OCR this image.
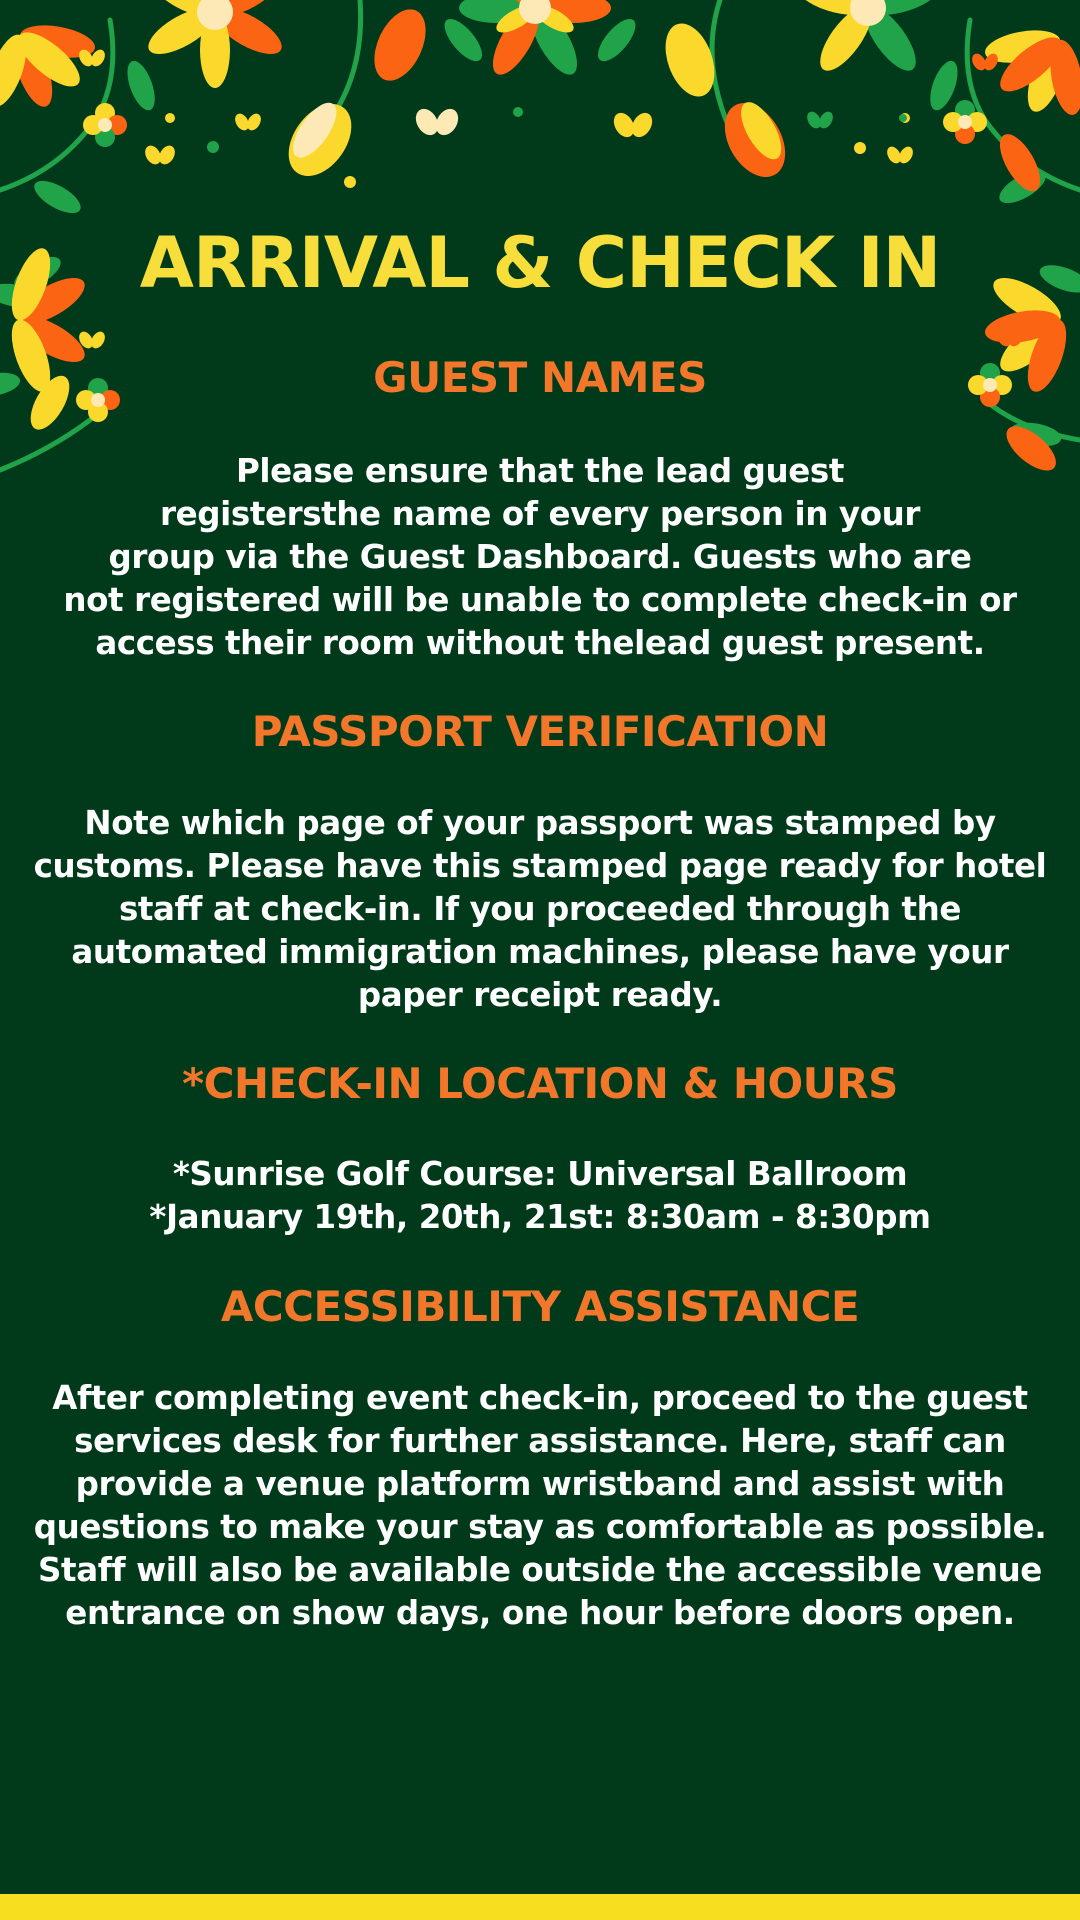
ARRIVAL & CHECK IN
GUEST NAMES

Please ensure that the lead guest
registersthe name of every person in your
group via the Guest Dashboard. Guests who are
not registered will be unable to complete check-in or
access their room without thelead guest present.

PASSPORT VERIFICATION

Note which page of your passport was stamped by
customs. Please have this stamped page ready for hotel
staff at check-in. If you proceeded through the
automated immigration machines, please have your
paper receipt ready.

*CHECK-IN LOCATION & HOURS

*Sunrise Golf Course: Universal Ballroom
*January 19th, 20th, 21st: 8:30am - 8:30pm

ACCESSIBILITY ASSISTANCE

After completing event check-in, proceed to the guest
services desk for further assistance. Here, staff can
provide a venue platform wristband and assist with
questions to make your stay as comfortable as possible.
Staff will also be available outside the accessible venue
entrance on show days, one hour before doors open.
